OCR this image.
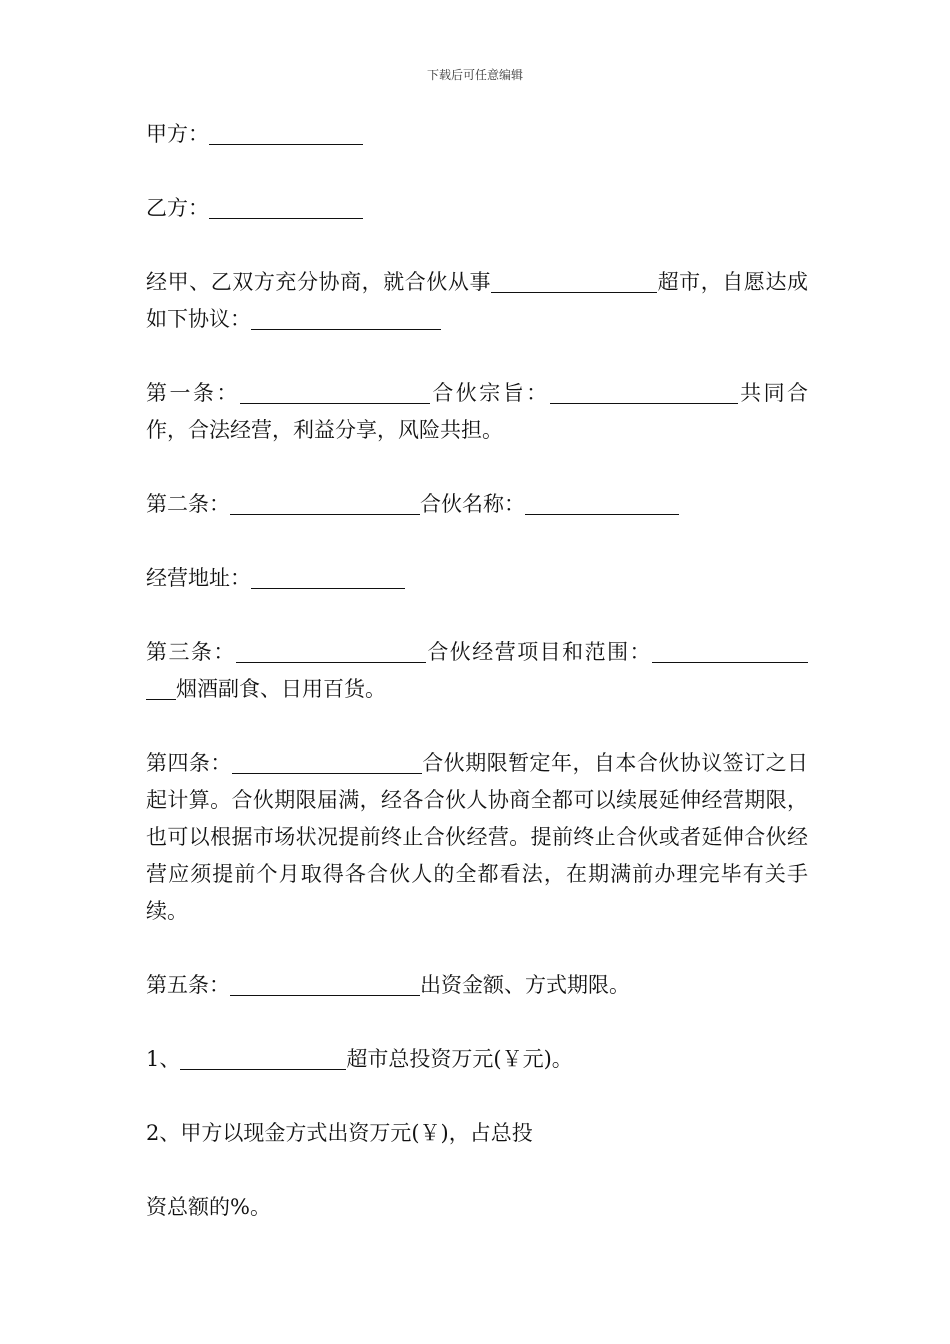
下载后可任意编辑

甲方：

乙方：

经甲、乙双方充分协商，就合伙从事	超市，自愿达成如下协议：

第一条：	合伙宗旨：	共同合作，合法经营，利益分享，风险共担。

第二条：	合伙名称：

经营地址：

第三条：	合伙经营项目和范围：烟酒副食、日用百货。

第四条：	合伙期限暂定年，自本合伙协议签订之日起计算。合伙期限届满，经各合伙人协商全都可以续展延伸经营期限，也可以根据市场状况提前终止合伙经营。提前终止合伙或者延伸合伙经营应须提前个月取得各合伙人的全都看法，在期满前办理完毕有关手续。

第五条：	出资金额、方式期限。

1、	超市总投资万元(￥元)。

2、甲方以现金方式出资万元(￥)，占总投

资总额的%。
